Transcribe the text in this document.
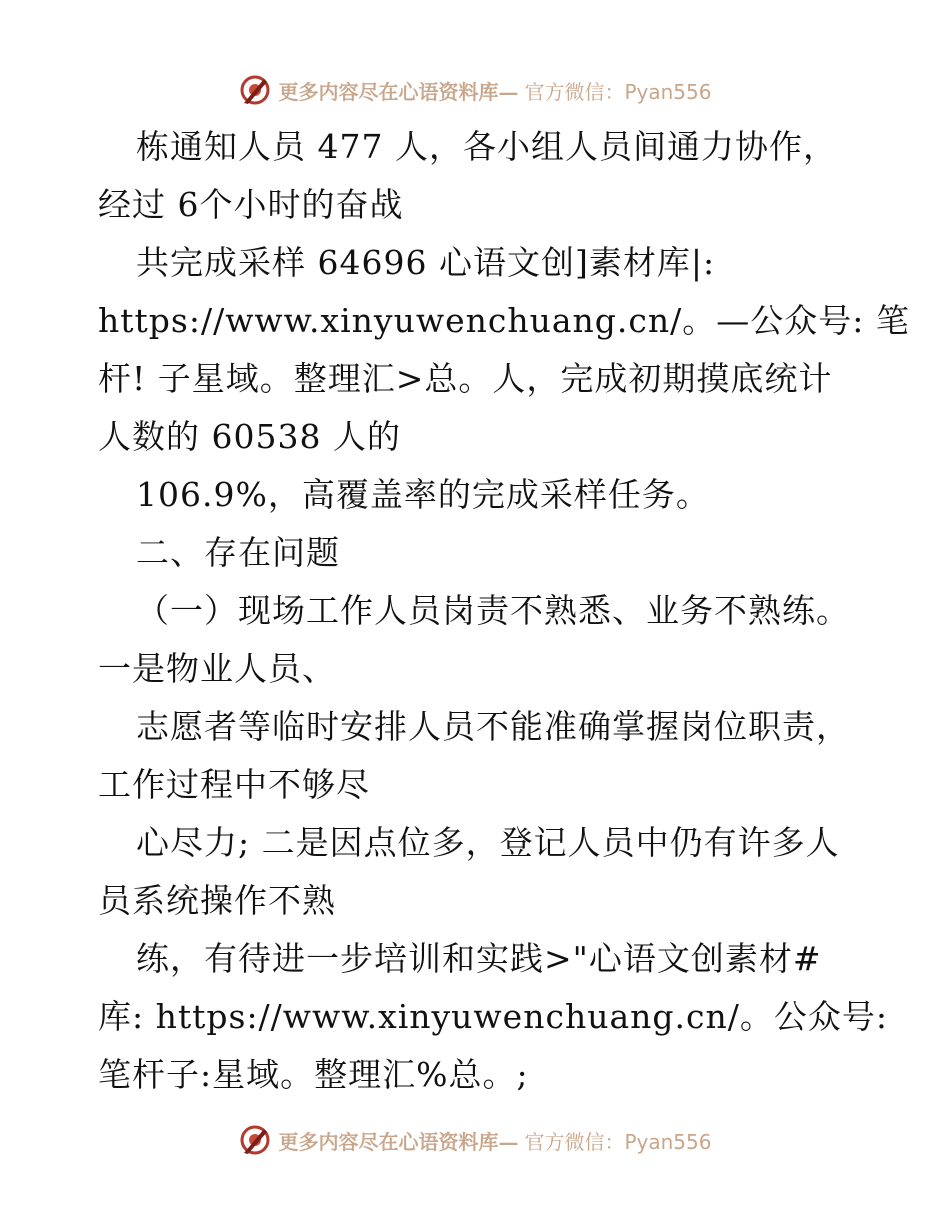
更多内容尽在心语资料库— 官方微信：Pyan556
栋通知人员 477 人，各小组人员间通力协作，
经过 6个小时的奋战
共完成采样 64696 心语文创]素材库|:
https://www.xinyuwenchuang.cn/。—公众号: 笔
杆! 子星域。整理汇>总。人，完成初期摸底统计
人数的 60538 人的
106.9%，高覆盖率的完成采样任务。
二、存在问题
（一）现场工作人员岗责不熟悉、业务不熟练。
一是物业人员、
志愿者等临时安排人员不能准确掌握岗位职责，
工作过程中不够尽
心尽力; 二是因点位多，登记人员中仍有许多人
员系统操作不熟
练，有待进一步培训和实践>"心语文创素材#
库: https://www.xinyuwenchuang.cn/。公众号:
笔杆子:星域。整理汇%总。;
更多内容尽在心语资料库— 官方微信：Pyan556
